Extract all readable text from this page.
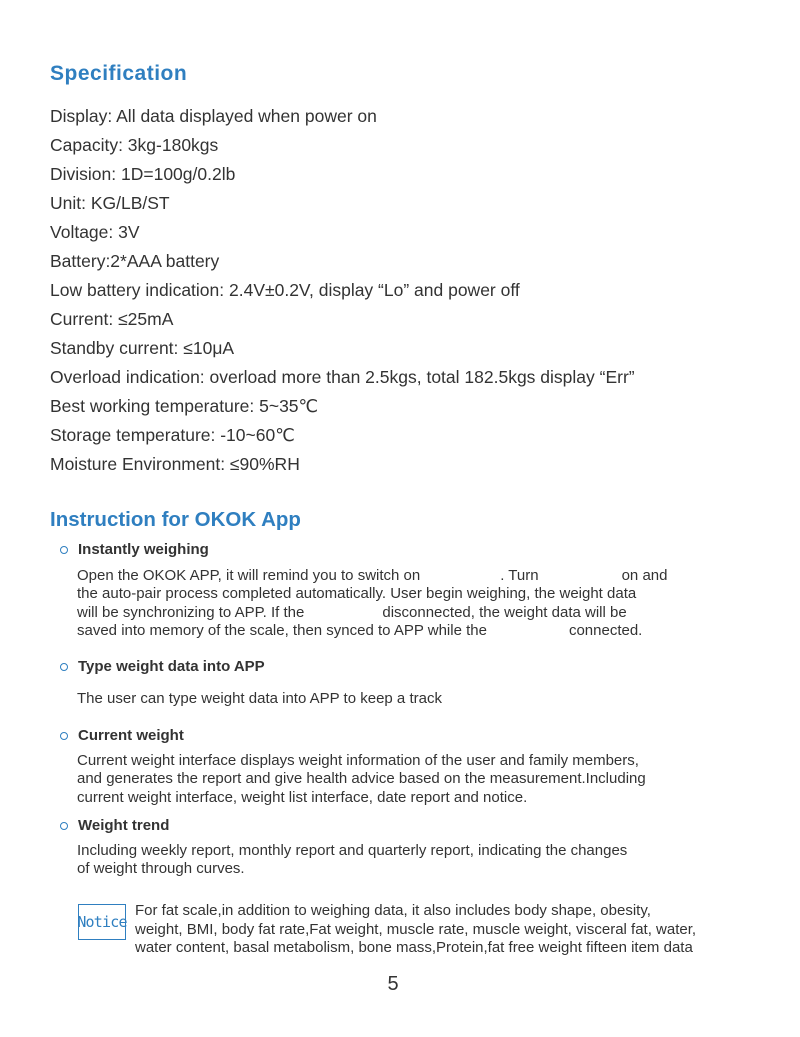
Specification
Display: All data displayed when power on
Capacity: 3kg-180kgs
Division: 1D=100g/0.2lb
Unit: KG/LB/ST
Voltage: 3V
Battery:2*AAA battery
Low battery indication: 2.4V±0.2V, display “Lo” and power off
Current: ≤25mA
Standby current: ≤10μA
Overload indication: overload more than 2.5kgs, total 182.5kgs display “Err”
Best working temperature: 5~35℃
Storage temperature: -10~60℃
Moisture Environment: ≤90%RH
Instruction for OKOK App
Instantly weighing
Open the OKOK APP, it will remind you to switch on	. Turn	on and
the auto-pair process completed automatically. User begin weighing, the weight data
will be synchronizing to APP. If the	disconnected, the weight data will be
saved into memory of the scale, then synced to APP while the	connected.
Type weight data into APP
The user can type weight data into APP to keep a track
Current weight
Current weight interface displays weight information of the user and family members,
and generates the report and give health advice based on the measurement.Including
current weight interface, weight list interface, date report and notice.
Weight trend
Including weekly report, monthly report and quarterly report, indicating the changes
of weight through curves.
Notice
For fat scale,in addition to weighing data, it also includes body shape, obesity,
weight, BMI, body fat rate,Fat weight, muscle rate, muscle weight, visceral fat, water,
water content, basal metabolism, bone mass,Protein,fat free weight fifteen item data
5
